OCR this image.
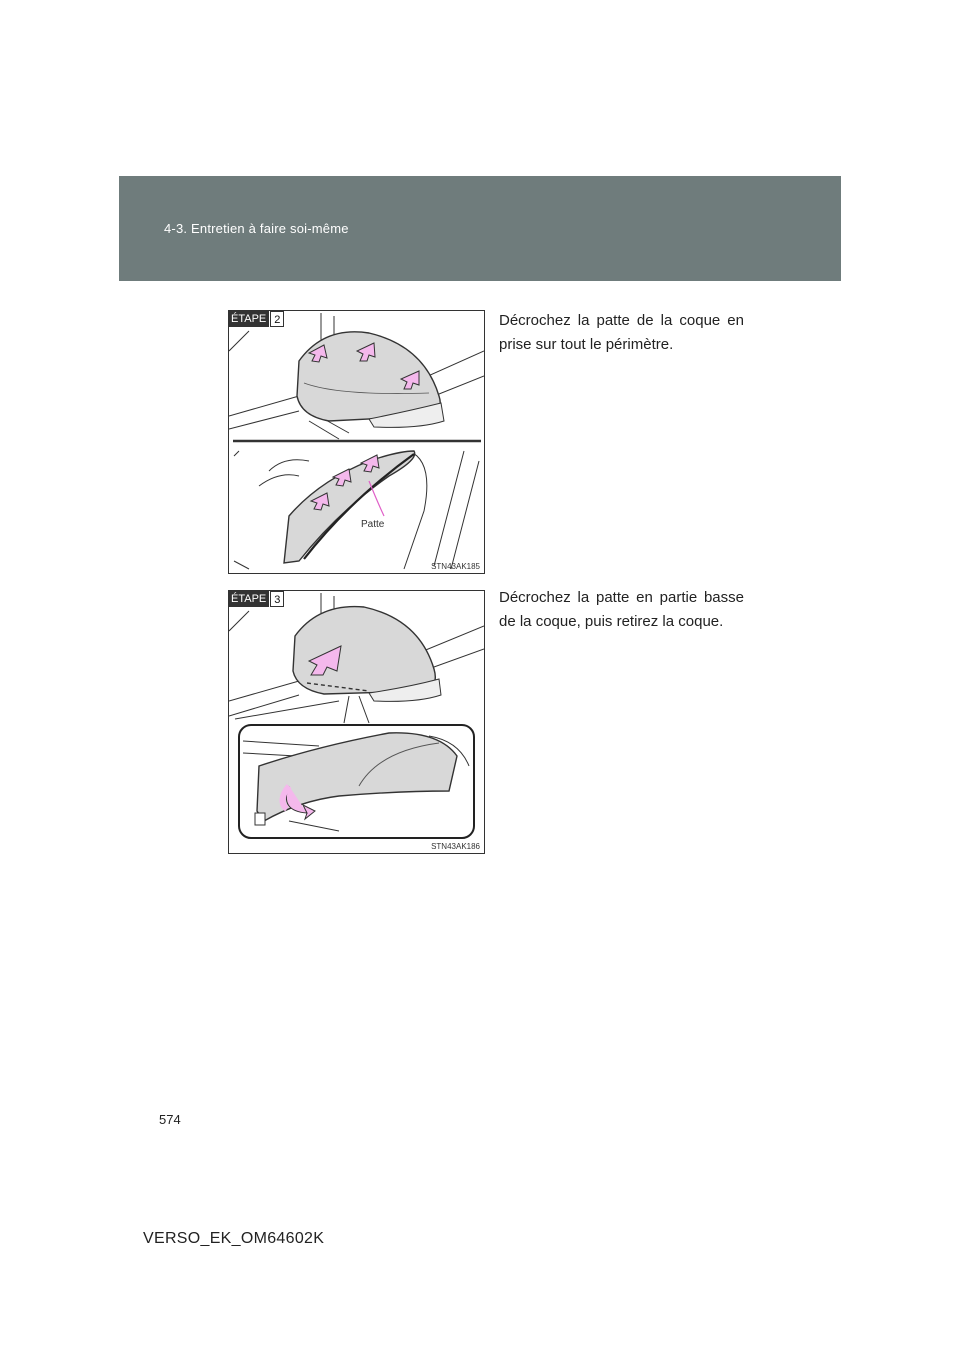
4-3. Entretien à faire soi-même
ÉTAPE 2
Patte
STN43AK185

Décrochez la patte de la coque en prise sur tout le périmètre.

ÉTAPE 3
STN43AK186

Décrochez la patte en partie basse de la coque, puis retirez la coque.

574
VERSO_EK_OM64602K
